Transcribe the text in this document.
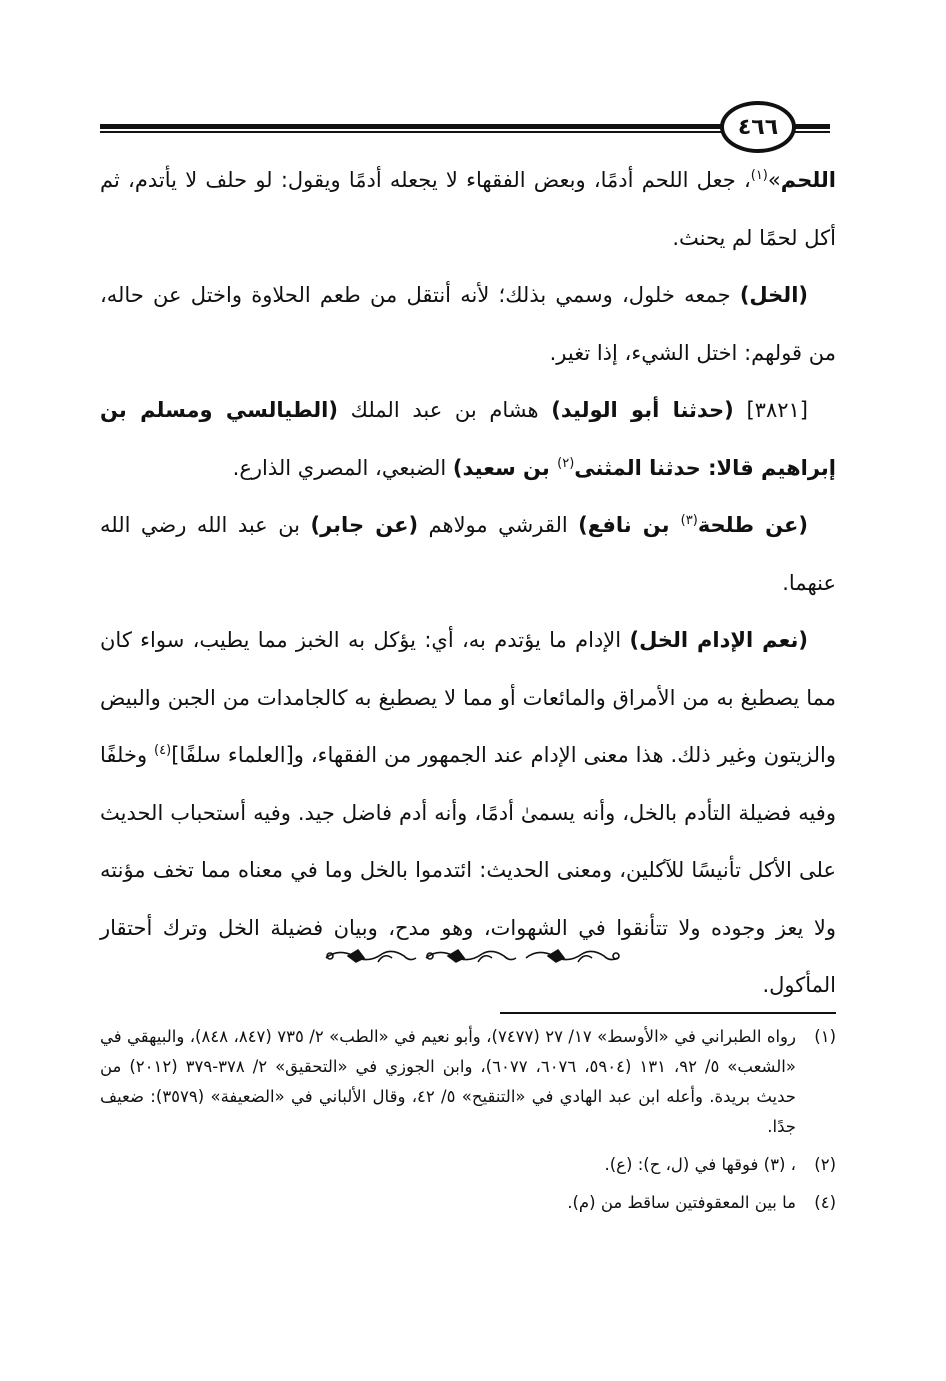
٤٦٦

اللحم»$^{(١)}$، جعل اللحم أدمًا، وبعض الفقهاء لا يجعله أدمًا ويقول: لو حلف لا يأتدم، ثم أكل لحمًا لم يحنث.

(الخل) جمعه خلول، وسمي بذلك؛ لأنه أنتقل من طعم الحلاوة واختل عن حاله، من قولهم: اختل الشيء، إذا تغير.

[٣٨٢١] (حدثنا أبو الوليد) هشام بن عبد الملك (الطيالسي ومسلم بن إبراهيم قالا: حدثنا المثنى$^{(٢)}$ بن سعيد) الضبعي، المصري الذارع.

(عن طلحة$^{(٣)}$ بن نافع) القرشي مولاهم (عن جابر) بن عبد الله رضي الله عنهما.

(نعم الإدام الخل) الإدام ما يؤتدم به، أي: يؤكل به الخبز مما يطيب، سواء كان مما يصطبغ به من الأمراق والمائعات أو مما لا يصطبغ به كالجامدات من الجبن والبيض والزيتون وغير ذلك. هذا معنى الإدام عند الجمهور من الفقهاء، و[العلماء سلفًا]$^{(٤)}$ وخلفًا وفيه فضيلة التأدم بالخل، وأنه يسمىٰ أدمًا، وأنه أدم فاضل جيد. وفيه أستحباب الحديث على الأكل تأنيسًا للآكلين، ومعنى الحديث: ائتدموا بالخل وما في معناه مما تخف مؤنته ولا يعز وجوده ولا تتأنقوا في الشهوات، وهو مدح، وبيان فضيلة الخل وترك أحتقار المأكول.

(١)
رواه الطبراني في «الأوسط» ١٧/ ٢٧ (٧٤٧٧)، وأبو نعيم في «الطب» ٢/ ٧٣٥ (٨٤٧، ٨٤٨)، والبيهقي في «الشعب» ٥/ ٩٢، ١٣١ (٥٩٠٤، ٦٠٧٦، ٦٠٧٧)، وابن الجوزي في «التحقيق» ٢/ ٣٧٨-٣٧٩ (٢٠١٢) من حديث بريدة. وأعله ابن عبد الهادي في «التنقيح» ٥/ ٤٢، وقال الألباني في «الضعيفة» (٣٥٧٩): ضعيف جدًا.
(٢)
، (٣) فوقها في (ل، ح): (ع).
(٤)
ما بين المعقوفتين ساقط من (م).
